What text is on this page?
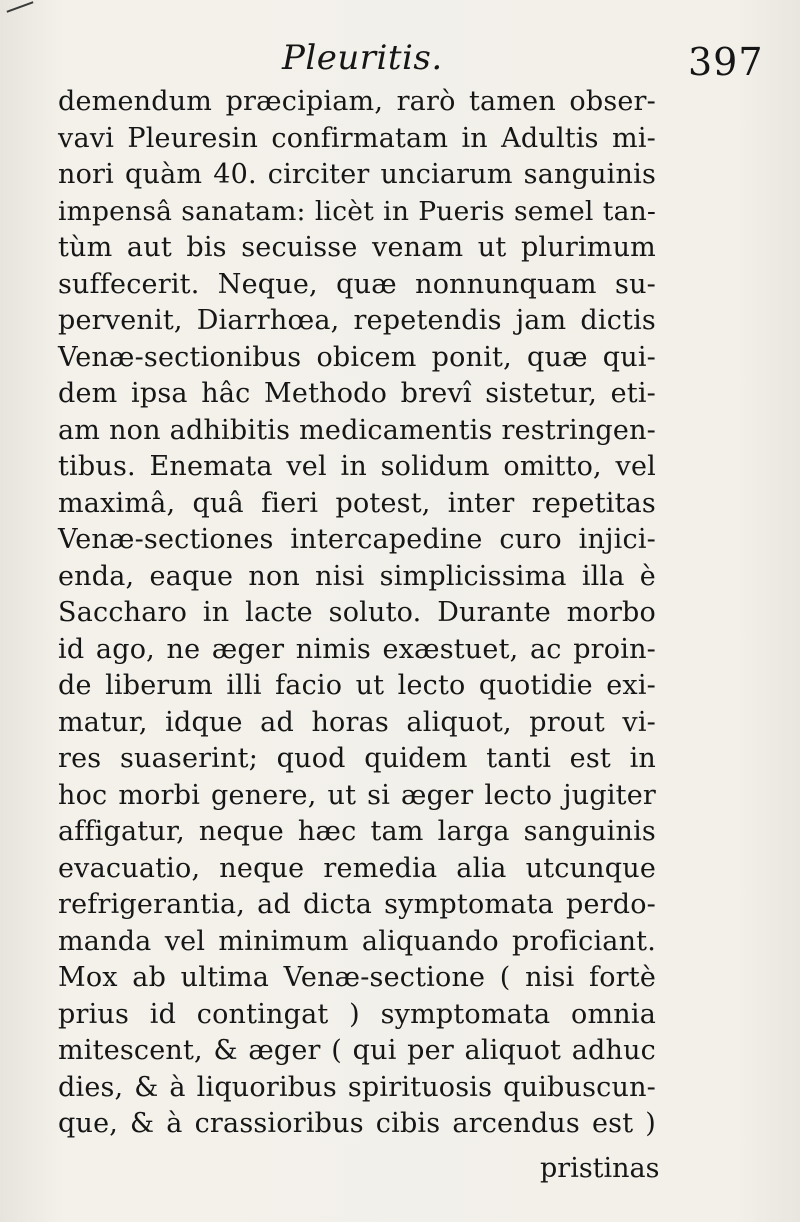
Pleuritis.	397
demendum præcipiam, rarò tamen obser-
vavi Pleuresin confirmatam in Adultis mi-
nori quàm 40. circiter unciarum sanguinis
impensâ sanatam: licèt in Pueris semel tan-
tùm aut bis secuisse venam ut plurimum
suffecerit. Neque, quæ nonnunquam su-
pervenit, Diarrhœa, repetendis jam dictis
Venæ-sectionibus obicem ponit, quæ qui-
dem ipsa hâc Methodo brevî sistetur, eti-
am non adhibitis medicamentis restringen-
tibus. Enemata vel in solidum omitto, vel
maximâ, quâ fieri potest, inter repetitas
Venæ-sectiones intercapedine curo injici-
enda, eaque non nisi simplicissima illa è
Saccharo in lacte soluto. Durante morbo
id ago, ne æger nimis exæstuet, ac proin-
de liberum illi facio ut lecto quotidie exi-
matur, idque ad horas aliquot, prout vi-
res suaserint; quod quidem tanti est in
hoc morbi genere, ut si æger lecto jugiter
affigatur, neque hæc tam larga sanguinis
evacuatio, neque remedia alia utcunque
refrigerantia, ad dicta symptomata perdo-
manda vel minimum aliquando proficiant.
Mox ab ultima Venæ-sectione ( nisi fortè
prius id contingat ) symptomata omnia
mitescent, & æger ( qui per aliquot adhuc
dies, & à liquoribus spirituosis quibuscun-
que, & à crassioribus cibis arcendus est )
pristinas
